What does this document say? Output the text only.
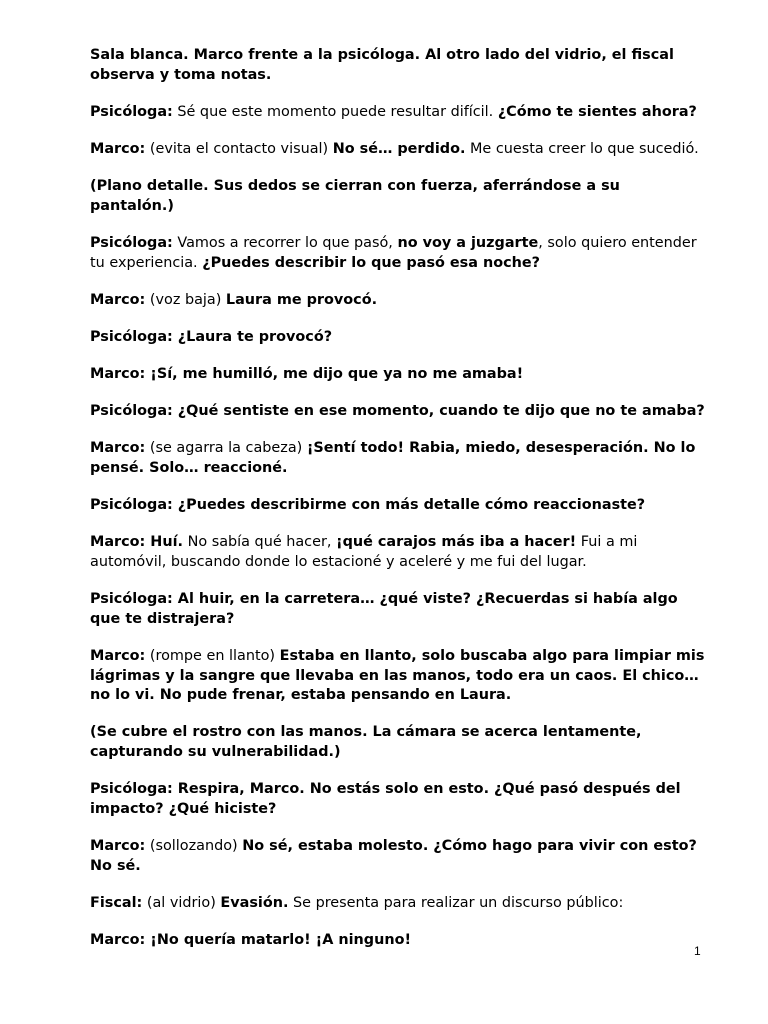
Sala blanca. Marco frente a la psicóloga. Al otro lado del vidrio, el fiscal observa y toma notas.

Psicóloga: Sé que este momento puede resultar difícil. ¿Cómo te sientes ahora?

Marco: (evita el contacto visual) No sé… perdido. Me cuesta creer lo que sucedió.

(Plano detalle. Sus dedos se cierran con fuerza, aferrándose a su pantalón.)

Psicóloga: Vamos a recorrer lo que pasó, no voy a juzgarte, solo quiero entender tu experiencia. ¿Puedes describir lo que pasó esa noche?

Marco: (voz baja) Laura me provocó.

Psicóloga: ¿Laura te provocó?

Marco: ¡Sí, me humilló, me dijo que ya no me amaba!

Psicóloga: ¿Qué sentiste en ese momento, cuando te dijo que no te amaba?

Marco: (se agarra la cabeza) ¡Sentí todo! Rabia, miedo, desesperación. No lo pensé. Solo… reaccioné.

Psicóloga: ¿Puedes describirme con más detalle cómo reaccionaste?

Marco: Huí. No sabía qué hacer, ¡qué carajos más iba a hacer! Fui a mi automóvil, buscando donde lo estacioné y aceleré y me fui del lugar.

Psicóloga: Al huir, en la carretera… ¿qué viste? ¿Recuerdas si había algo que te distrajera?

Marco: (rompe en llanto) Estaba en llanto, solo buscaba algo para limpiar mis lágrimas y la sangre que llevaba en las manos, todo era un caos. El chico… no lo vi. No pude frenar, estaba pensando en Laura.

(Se cubre el rostro con las manos. La cámara se acerca lentamente, capturando su vulnerabilidad.)

Psicóloga: Respira, Marco. No estás solo en esto. ¿Qué pasó después del impacto? ¿Qué hiciste?

Marco: (sollozando) No sé, estaba molesto. ¿Cómo hago para vivir con esto? No sé.

Fiscal: (al vidrio) Evasión. Se presenta para realizar un discurso público:

Marco: ¡No quería matarlo! ¡A ninguno!

1
